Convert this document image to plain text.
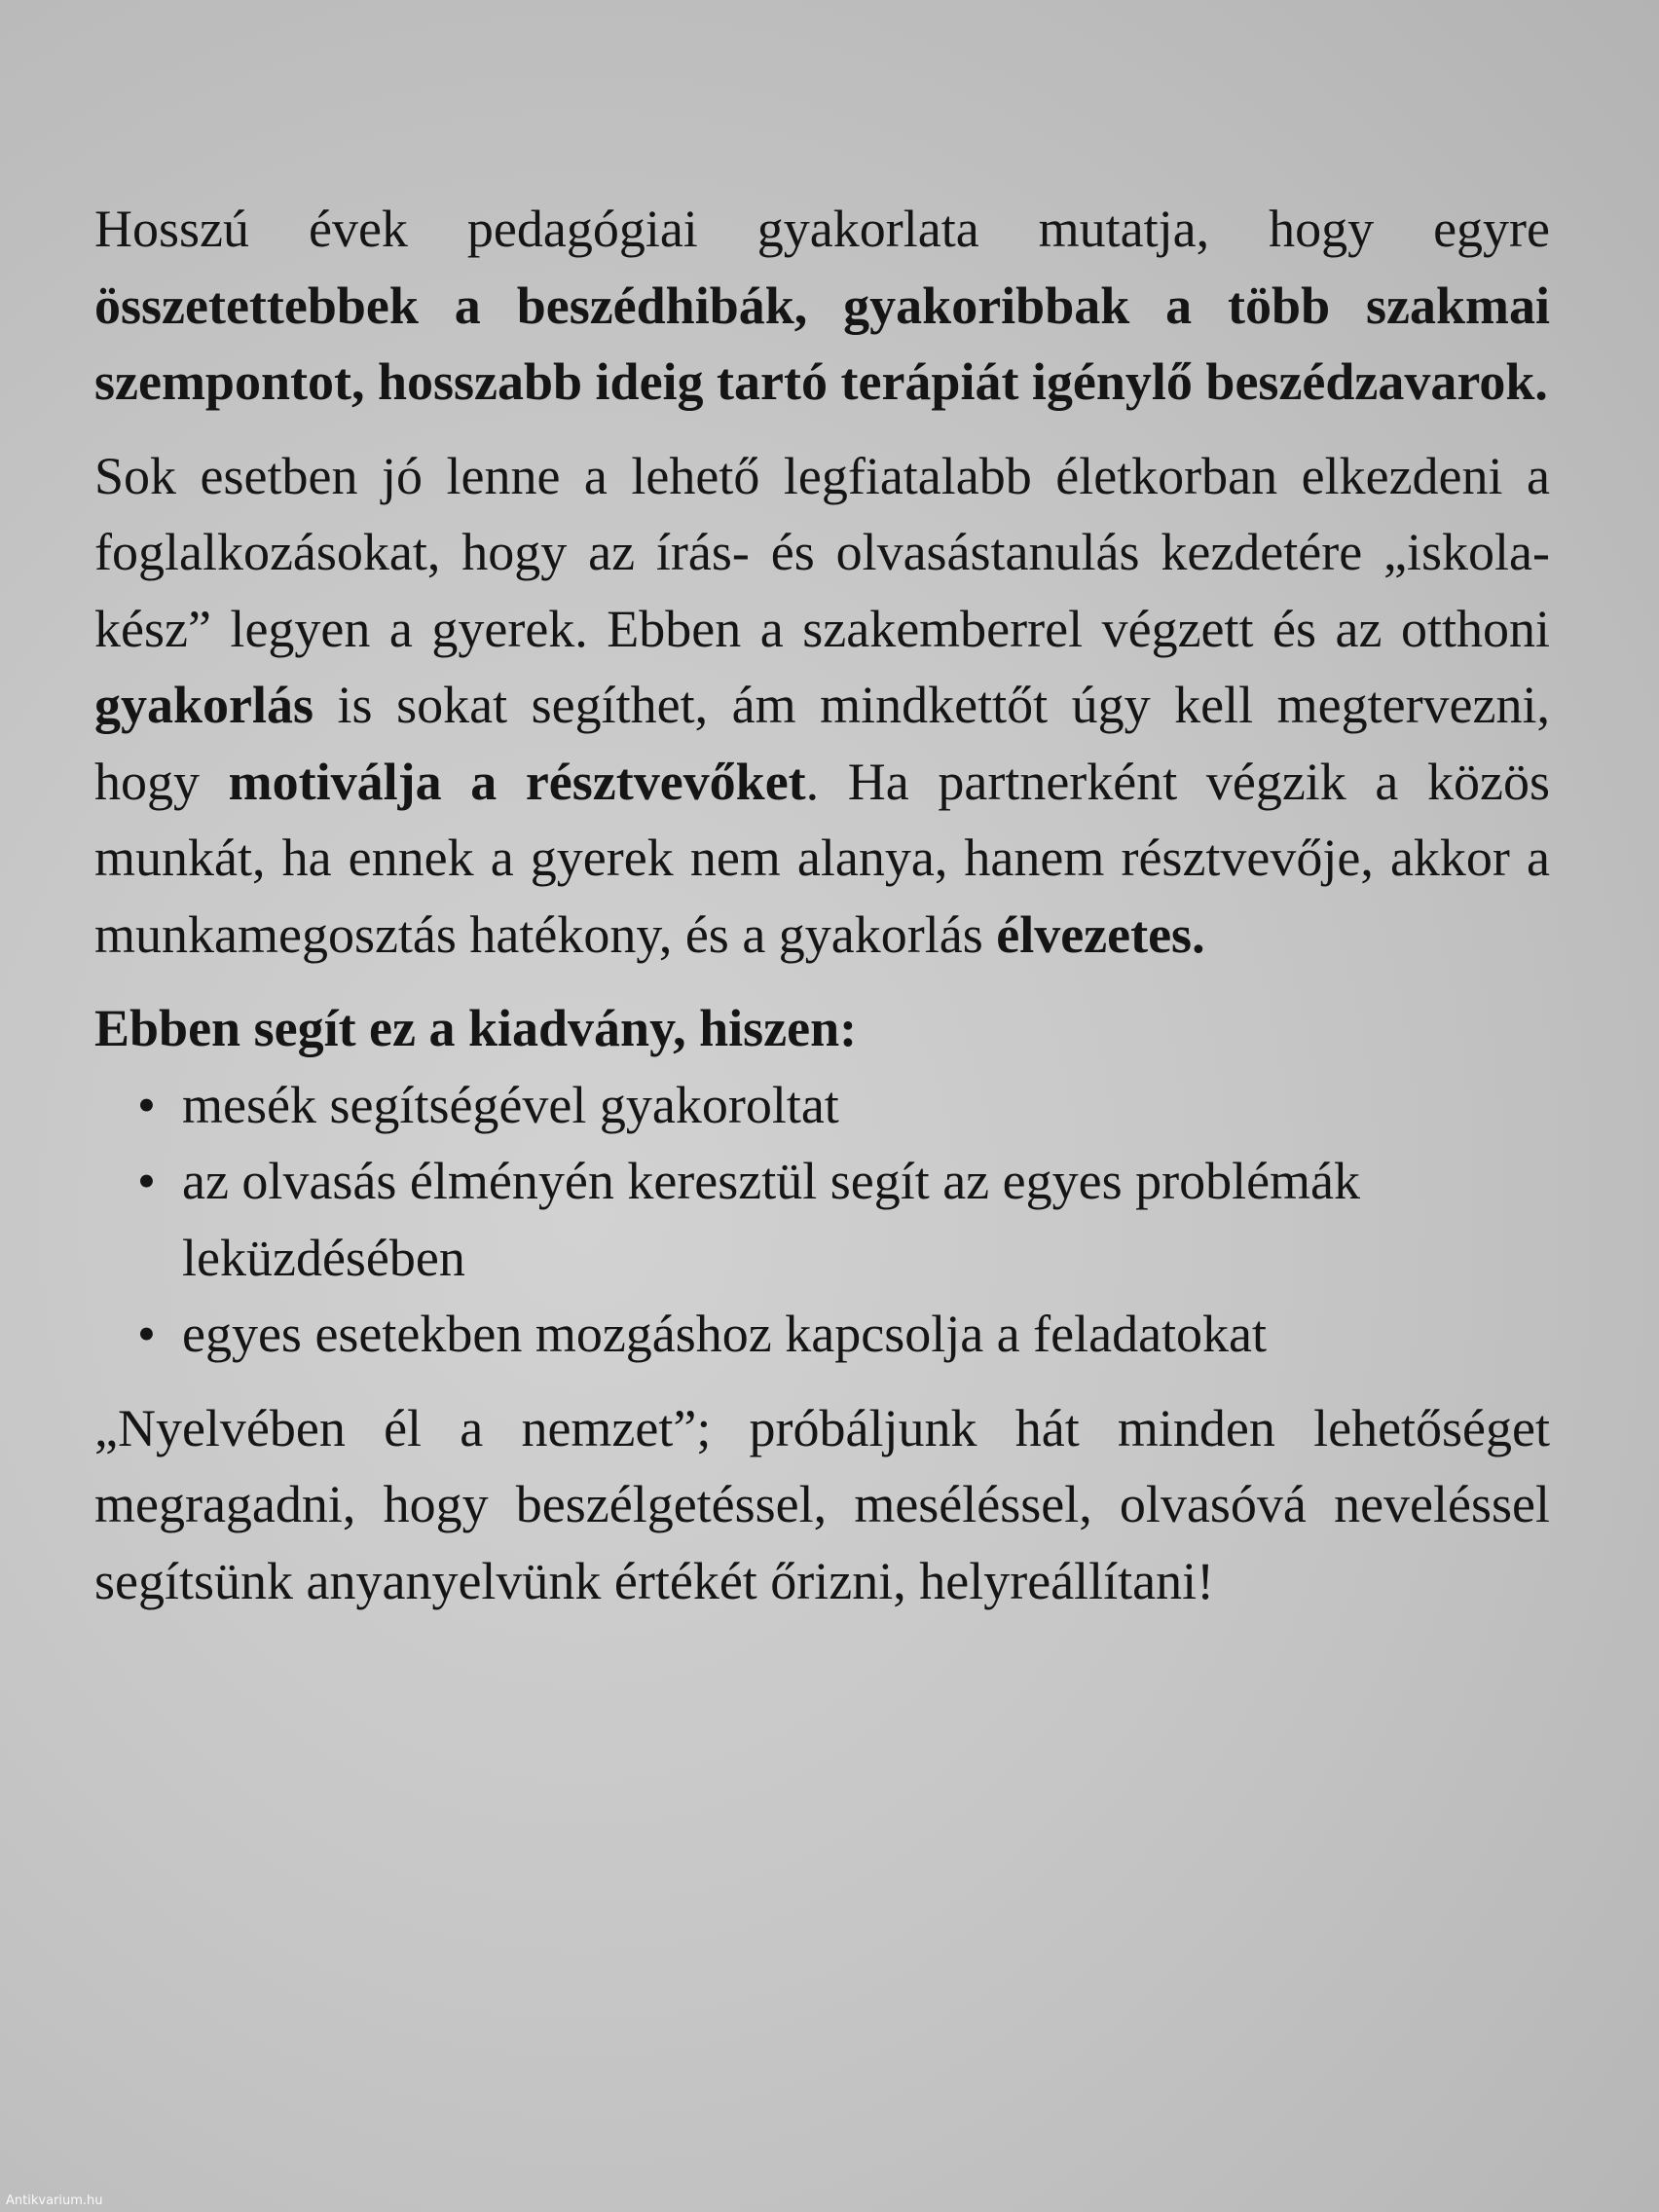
Hosszú évek pedagógiai gyakorlata mutatja, hogy egyre összetettebbek a beszédhibák, gyakoribbak a több szakmai szempontot, hosszabb ideig tartó terápiát igénylő beszédzavarok.

Sok esetben jó lenne a lehető legfiatalabb életkorban elkezdeni a foglalkozásokat, hogy az írás- és olvasástanulás kezdetére „iskola-kész” legyen a gyerek. Ebben a szakemberrel végzett és az otthoni gyakorlás is sokat segíthet, ám mindkettőt úgy kell megtervezni, hogy motiválja a résztvevőket. Ha partnerként végzik a közös munkát, ha ennek a gyerek nem alanya, hanem résztvevője, akkor a munkamegosztás hatékony, és a gyakorlás élvezetes.

Ebben segít ez a kiadvány, hiszen:

• mesék segítségével gyakoroltat
• az olvasás élményén keresztül segít az egyes problémák leküzdésében
• egyes esetekben mozgáshoz kapcsolja a feladatokat

„Nyelvében él a nemzet”; próbáljunk hát minden lehetőséget megragadni, hogy beszélgetéssel, meséléssel, olvasóvá neveléssel segítsünk anyanyelvünk értékét őrizni, helyreállítani!

Antikvarium.hu
